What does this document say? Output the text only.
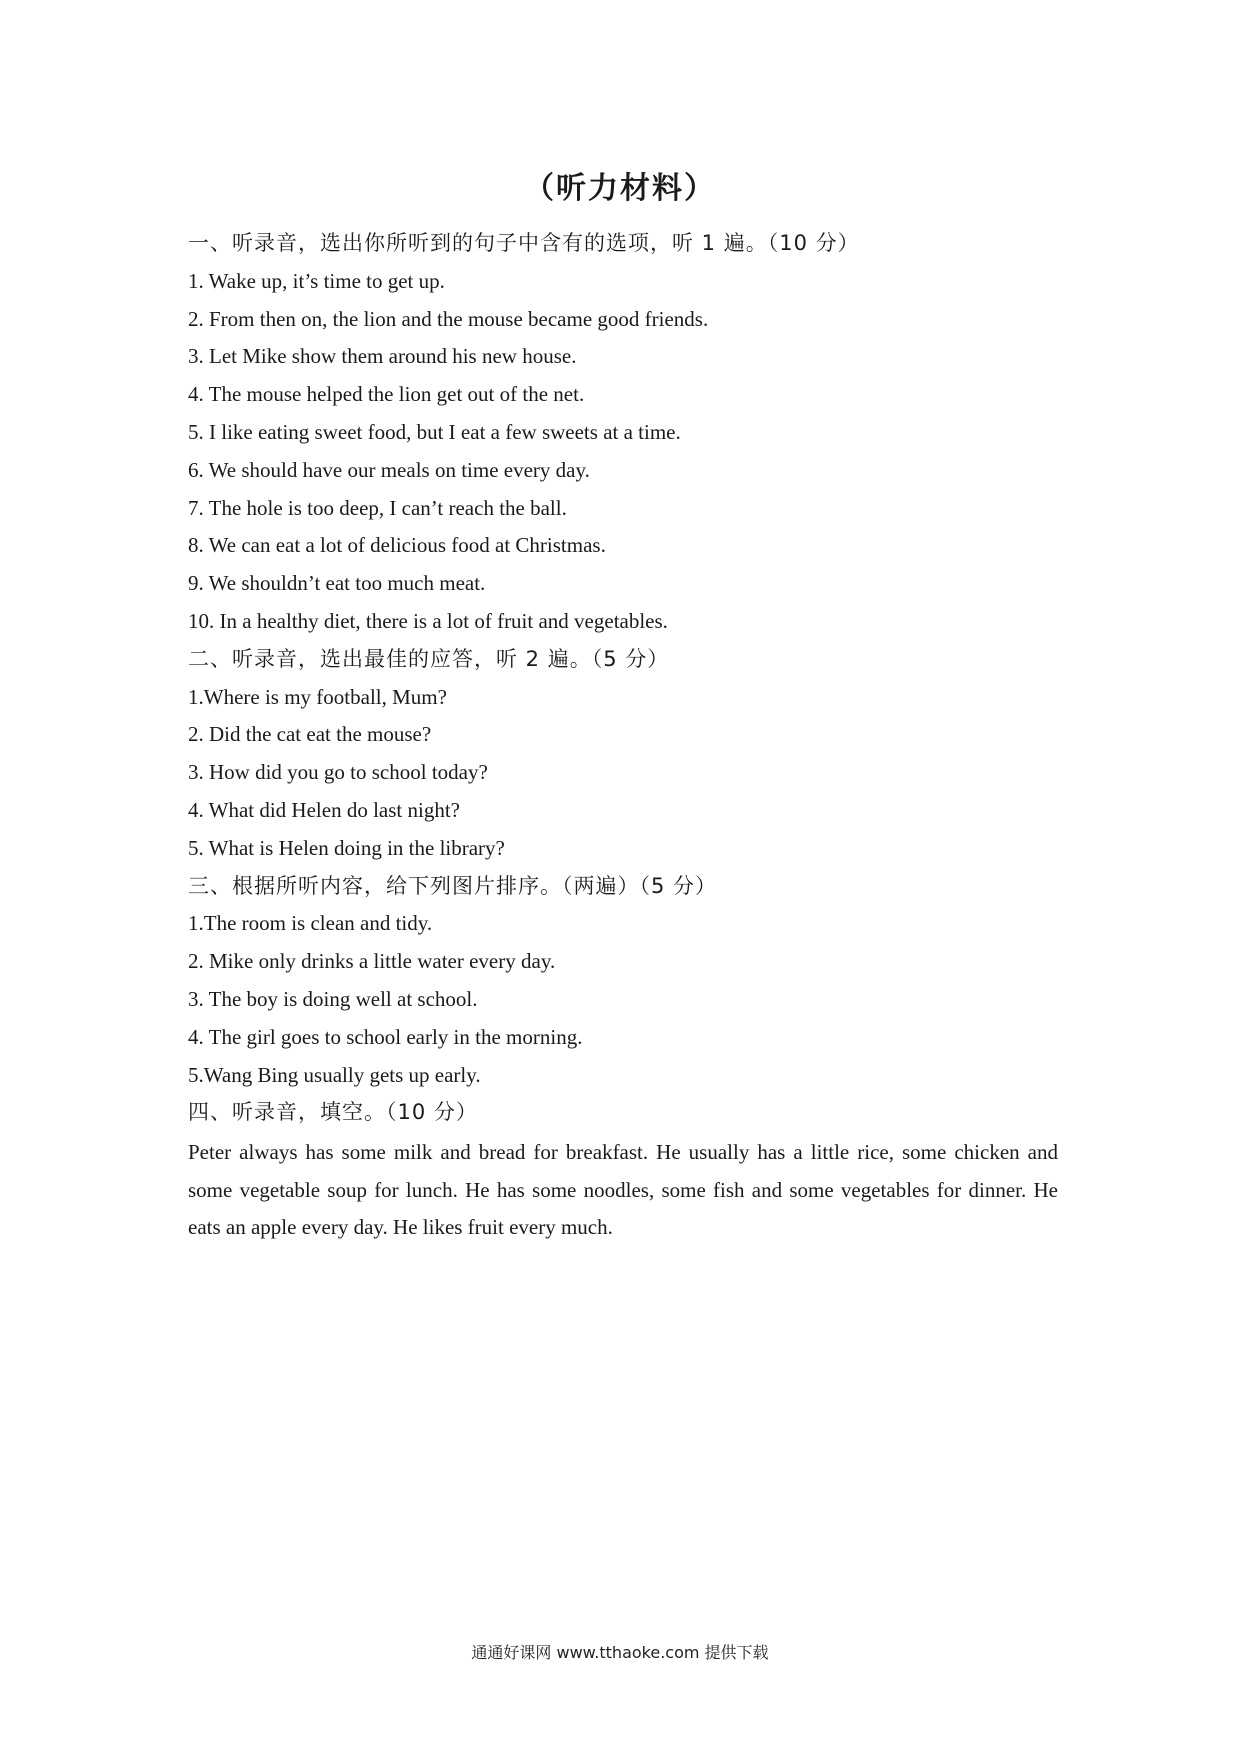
（听力材料）
一、听录音，选出你所听到的句子中含有的选项，听 1 遍。（10 分）
1. Wake up, it’s time to get up.
2. From then on, the lion and the mouse became good friends.
3. Let Mike show them around his new house.
4. The mouse helped the lion get out of the net.
5. I like eating sweet food, but I eat a few sweets at a time.
6. We should have our meals on time every day.
7. The hole is too deep, I can’t reach the ball.
8. We can eat a lot of delicious food at Christmas.
9. We shouldn’t eat too much meat.
10. In a healthy diet, there is a lot of fruit and vegetables.
二、听录音，选出最佳的应答，听 2 遍。（5 分）
1.Where is my football, Mum?
2. Did the cat eat the mouse?
3. How did you go to school today?
4. What did Helen do last night?
5. What is Helen doing in the library?
三、根据所听内容，给下列图片排序。（两遍）（5 分）
1.The room is clean and tidy.
2. Mike only drinks a little water every day.
3. The boy is doing well at school.
4. The girl goes to school early in the morning.
5.Wang Bing usually gets up early.
四、听录音，填空。（10 分）
Peter always has some milk and bread for breakfast. He usually has a little rice, some chicken and some vegetable soup for lunch. He has some noodles, some fish and some vegetables for dinner. He eats an apple every day. He likes fruit every much.
通通好课网 www.tthaoke.com 提供下载
